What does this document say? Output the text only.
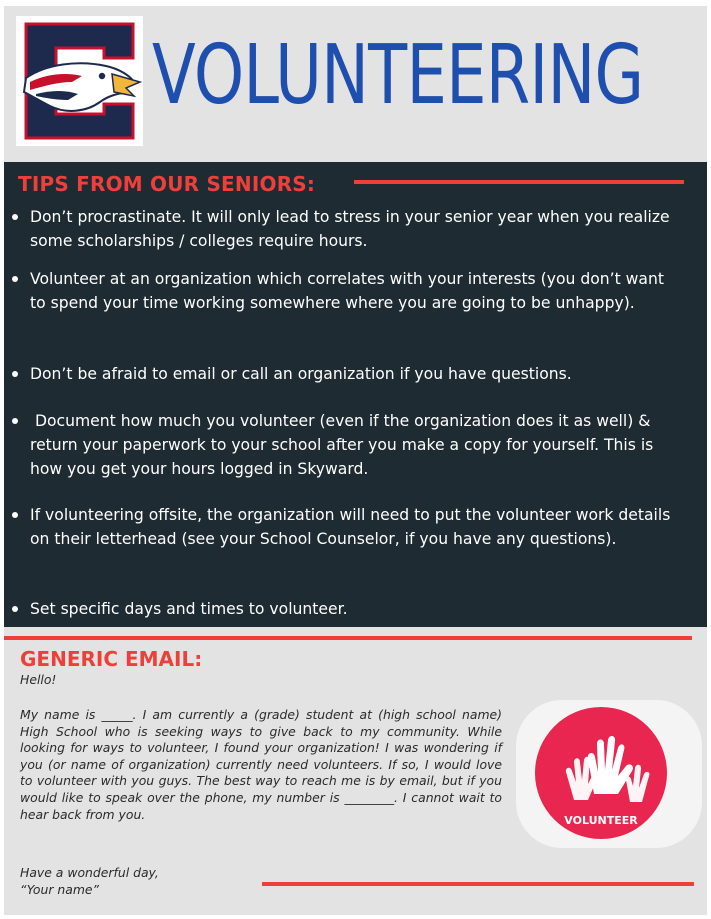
VOLUNTEERING
TIPS FROM OUR SENIORS:
Don’t procrastinate. It will only lead to stress in your senior year when you realize some scholarships / colleges require hours.
Volunteer at an organization which correlates with your interests (you don’t want to spend your time working somewhere where you are going to be unhappy).
Don’t be afraid to email or call an organization if you have questions.
Document how much you volunteer (even if the organization does it as well) & return your paperwork to your school after you make a copy for yourself. This is how you get your hours logged in Skyward.
If volunteering offsite, the organization will need to put the volunteer work details on their letterhead (see your School Counselor, if you have any questions).
Set specific days and times to volunteer.
GENERIC EMAIL:
Hello!
My name is _____. I am currently a (grade) student at (high school name) High School who is seeking ways to give back to my community. While looking for ways to volunteer, I found your organization! I was wondering if you (or name of organization) currently need volunteers. If so, I would love to volunteer with you guys. The best way to reach me is by email, but if you would like to speak over the phone, my number is ________. I cannot wait to hear back from you.
Have a wonderful day,
“Your name”
VOLUNTEER
